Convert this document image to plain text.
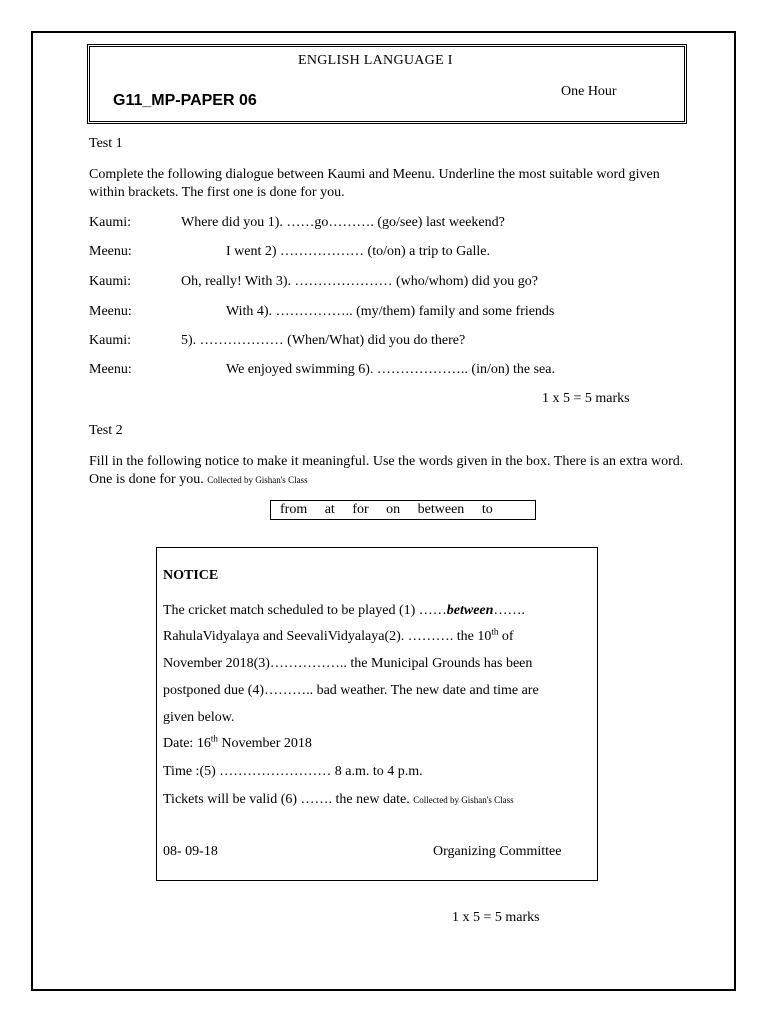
ENGLISH LANGUAGE I
G11_MP-PAPER 06
One Hour
Test 1
Complete the following dialogue between Kaumi and Meenu. Underline the most suitable word given within brackets. The first one is done for you.
Kaumi:	Where did you 1). ……go………. (go/see) last weekend?
Meenu:	I went 2) ……………… (to/on) a trip to Galle.
Kaumi:	Oh, really! With 3). ………………… (who/whom) did you go?
Meenu:	With 4). …………….. (my/them) family and some friends
Kaumi:	5). ……………… (When/What) did you do there?
Meenu:	We enjoyed swimming 6). ……………….. (in/on) the sea.
1 x 5 = 5 marks
Test 2
Fill in the following notice to make it meaningful. Use the words given in the box. There is an extra word. One is done for you. Collected by Gishan's Class
from at for on between to
NOTICE
The cricket match scheduled to be played (1) ……between…….
RahulaVidyalaya and SeevaliVidyalaya(2). ………. the 10th of
November 2018(3)…………….. the Municipal Grounds has been
postponed due (4)……….. bad weather. The new date and time are
given below.
Date: 16th November 2018
Time :(5) …………………… 8 a.m. to 4 p.m.
Tickets will be valid (6) ……. the new date. Collected by Gishan's Class
08- 09-18	Organizing Committee
1 x 5 = 5 marks
